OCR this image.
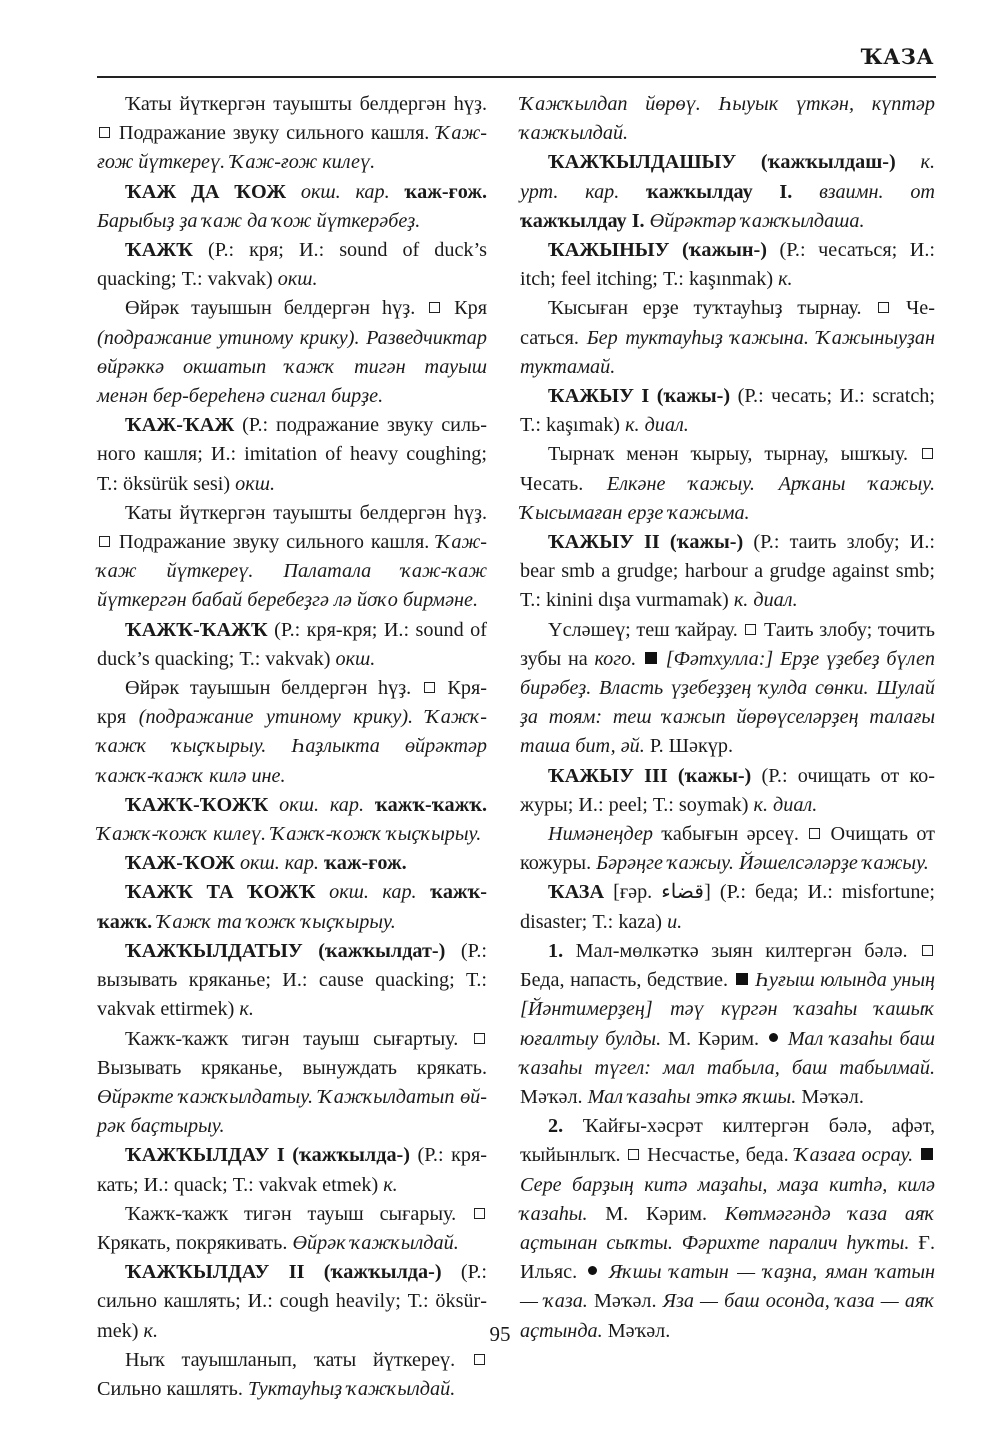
ҠАЗА

Ҡаты йүткергән тауышты белдергән һүҙ.  Подражание звуку сильного кашля. Ҡаж-ғож йүткереү. Ҡаж-ғож килеү.

ҠАЖ ДА ҠОЖ окш. кар. ҡаж-ғож. Барыбыҙ ҙа ҡаж да ҡож йүткерәбеҙ.

ҠАЖҠ (Р.: кря; И.: sound of duck’s quacking; Т.: vakvak) окш.

Өйрәк тауышын белдергән һүҙ.  Кря (подражание утиному крику). Разведчиктар өйрәккә окшатып ҡажҡ тигән тауыш менән бер-береһенә сигнал бирҙе.

ҠАЖ-ҠАЖ (Р.: подражание звуку сильного кашля; И.: imitation of heavy coughing; Т.: öksürük sesi) окш.

Ҡаты йүткергән тауышты белдергән һүҙ.  Подражание звуку сильного кашля. Ҡаж-ҡаж йүткереү. Палатала ҡаж-ҡаж йүткергән бабай беребеҙгә лә йоҡо бирмәне.

ҠАЖҠ-ҠАЖҠ (Р.: кря-кря; И.: sound of duck’s quacking; Т.: vakvak) окш.

Өйрәк тауышын белдергән һүҙ.  Кря-кря (подражание утиному крику). Ҡажҡ-ҡажҡ ҡыҫҡырыу. Һаҙлыкта өйрәктәр ҡажҡ-ҡажҡ килә ине.

ҠАЖҠ-ҠОЖҠ окш. кар. ҡажҡ-ҡажҡ. Ҡажҡ-ҡожҡ килеү. Ҡажҡ-ҡожҡ ҡыҫҡырыу.

ҠАЖ-ҠОЖ окш. кар. ҡаж-ғож.

ҠАЖҠ ТА ҠОЖҠ окш. кар. ҡажҡ-ҡажҡ. Ҡажҡ та ҡожҡ ҡыҫҡырыу.

ҠАЖҠЫЛДАТЫУ (ҡажҡылдат-) (Р.: вызывать кряканье; И.: cause quacking; Т.: vakvak ettirmek) к.

Ҡажҡ-ҡажҡ тигән тауыш сығартыу.  Вызывать кряканье, вынуждать крякать. Өйрәкте ҡажҡылдатыу. Ҡажҡылдатып өйрәк баҫтырыу.

ҠАЖҠЫЛДАУ I (ҡажҡылда-) (Р.: крякать; И.: quack; Т.: vakvak etmek) к.

Ҡажҡ-ҡажҡ тигән тауыш сығарыу.  Крякать, покрякивать. Өйрәк ҡажҡылдай.

ҠАЖҠЫЛДАУ II (ҡажҡылда-) (Р.: сильно кашлять; И.: cough heavily; Т.: öksürmek) к.

Ныҡ тауышланып, ҡаты йүткереү.  Сильно кашлять. Туктауһыҙ ҡажҡылдай.

Ҡажҡылдап йөрөү. Һыуык үткән, күптәр ҡажҡылдай.

ҠАЖҠЫЛДАШЫУ (ҡажҡылдаш-) к. урт. кар. ҡажҡылдау I. взаимн. от ҡажҡылдау I. Өйрәктәр ҡажҡылдаша.

ҠАЖЫНЫУ (ҡажын-) (Р.: чесаться; И.: itch; feel itching; Т.: kaşınmak) к.

Ҡысыған ерҙе туҡтауһыҙ тырнау.  Чесаться. Бер туктауһыҙ ҡажына. Ҡажыныуҙан туктамай.

ҠАЖЫУ I (ҡажы-) (Р.: чесать; И.: scratch; Т.: kaşımak) к. диал.

Тырнаҡ менән ҡырыу, тырнау, ышҡыу.  Чесать. Елкәне ҡажыу. Арҡаны ҡажыу. Ҡысымаған ерҙе ҡажыма.

ҠАЖЫУ II (ҡажы-) (Р.: таить злобу; И.: bear smb a grudge; harbour a grudge against smb; Т.: kinini dışa vurmamak) к. диал.

Үсләшеү; теш ҡайрау.  Таить злобу; точить зубы на кого.  [Фәтхулла:] Ерҙе үҙебеҙ бүлеп бирәбеҙ. Власть үҙебеҙҙең ҡулда сөнки. Шулай ҙа тоям: теш ҡажып йөрөүселәрҙең талағы таша бит, әй. Р. Шәкүр.

ҠАЖЫУ III (ҡажы-) (Р.: очищать от кожуры; И.: peel; Т.: soymak) к. диал.

Нимәнеңдер ҡабығын әрсеү.  Очищать от кожуры. Бәрәңге ҡажыу. Йәшелсәләрҙе ҡажыу.

ҠАЗА [ғәр. قضاء] (Р.: беда; И.: misfortune; disaster; Т.: kaza) и.

1. Мал-мөлкәткә зыян килтергән бәлә.  Беда, напасть, бедствие.  Һуғыш юлында уның [Йәнтимерҙең] тәү күргән ҡазаһы ҡашыҡ юғалтыу булды. М. Кәрим.  Мал ҡазаһы баш ҡазаһы түгел: мал табыла, баш табылмай. Мәҡәл. Мал ҡазаһы эткә яҡшы. Мәҡәл.

2. Ҡайғы-хәсрәт килтергән бәлә, афәт, ҡыйынлыҡ.  Несчастье, беда. Ҡазаға осрау.  Сере барҙың китә маҙаһы, маҙа китһә, килә ҡазаһы. М. Кәрим. Көтмәгәндә ҡаза аяҡ аҫтынан сыҡты. Фәрихте паралич һуҡты. Ғ. Ильяс.  Яҡшы ҡатын — ҡаҙна, яман ҡатын — ҡаза. Мәҡәл. Яза — баш осонда, ҡаза — аяҡ аҫтында. Мәҡәл.

95
